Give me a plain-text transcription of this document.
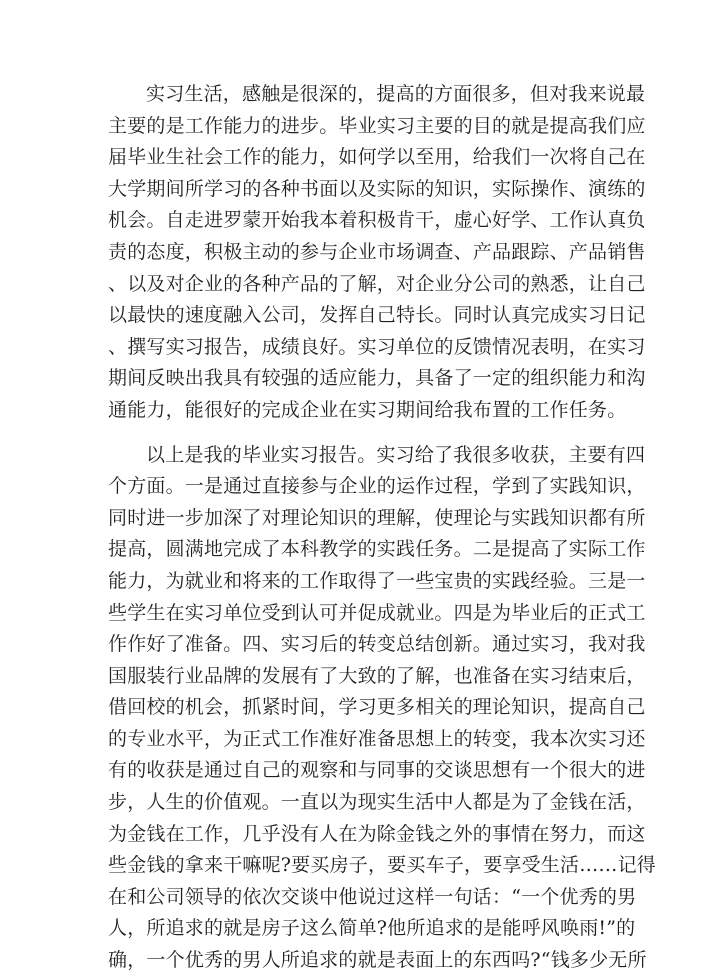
实习生活，感触是很深的，提高的方面很多，但对我来说最
主要的是工作能力的进步。毕业实习主要的目的就是提高我们应
届毕业生社会工作的能力，如何学以至用，给我们一次将自己在
大学期间所学习的各种书面以及实际的知识，实际操作、演练的
机会。自走进罗蒙开始我本着积极肯干，虚心好学、工作认真负
责的态度，积极主动的参与企业市场调查、产品跟踪、产品销售
、以及对企业的各种产品的了解，对企业分公司的熟悉，让自己
以最快的速度融入公司，发挥自己特长。同时认真完成实习日记
、撰写实习报告，成绩良好。实习单位的反馈情况表明，在实习
期间反映出我具有较强的适应能力，具备了一定的组织能力和沟
通能力，能很好的完成企业在实习期间给我布置的工作任务。
以上是我的毕业实习报告。实习给了我很多收获，主要有四
个方面。一是通过直接参与企业的运作过程，学到了实践知识，
同时进一步加深了对理论知识的理解，使理论与实践知识都有所
提高，圆满地完成了本科教学的实践任务。二是提高了实际工作
能力，为就业和将来的工作取得了一些宝贵的实践经验。三是一
些学生在实习单位受到认可并促成就业。四是为毕业后的正式工
作作好了准备。四、实习后的转变总结创新。通过实习，我对我
国服装行业品牌的发展有了大致的了解，也准备在实习结束后，
借回校的机会，抓紧时间，学习更多相关的理论知识，提高自己
的专业水平，为正式工作准好准备思想上的转变，我本次实习还
有的收获是通过自己的观察和与同事的交谈思想有一个很大的进
步，人生的价值观。一直以为现实生活中人都是为了金钱在活，
为金钱在工作，几乎没有人在为除金钱之外的事情在努力，而这
些金钱的拿来干嘛呢?要买房子，要买车子，要享受生活……记得
在和公司领导的依次交谈中他说过这样一句话：“一个优秀的男
人，所追求的就是房子这么简单?他所追求的是能呼风唤雨!”的
确，一个优秀的男人所追求的就是表面上的东西吗?“钱多少无所
